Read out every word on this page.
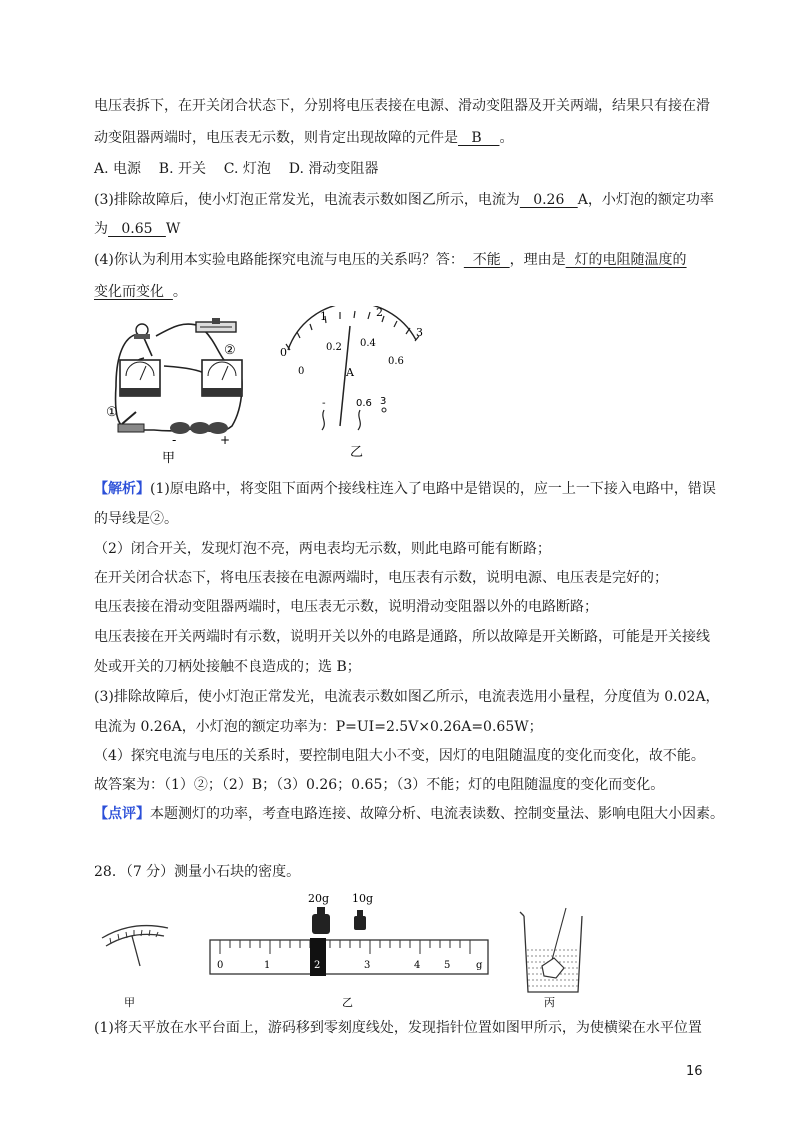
电压表拆下，在开关闭合状态下，分别将电压表接在电源、滑动变阻器及开关两端，结果只有接在滑
动变阻器两端时，电压表无示数，则肯定出现故障的元件是   B    。
A. 电源    B. 开关    C. 灯泡    D. 滑动变阻器
(3)排除故障后，使小灯泡正常发光，电流表示数如图乙所示，电流为   0.26   A，小灯泡的额定功率
为   0.65   W
(4)你认为利用本实验电路能探究电流与电压的关系吗？答：  不能  ，理由是  灯的电阻随温度的
变化而变化  。
①
②
-	+
甲
0
1	2
3
0
0.2 0.4
0.6
A
-	0.6 3
乙
【解析】(1)原电路中，将变阻下面两个接线柱连入了电路中是错误的，应一上一下接入电路中，错误
的导线是②。
（2）闭合开关，发现灯泡不亮，两电表均无示数，则此电路可能有断路；
在开关闭合状态下，将电压表接在电源两端时，电压表有示数，说明电源、电压表是完好的；
电压表接在滑动变阻器两端时，电压表无示数，说明滑动变阻器以外的电路断路；
电压表接在开关两端时有示数，说明开关以外的电路是通路，所以故障是开关断路，可能是开关接线
处或开关的刀柄处接触不良造成的；选 B；
(3)排除故障后，使小灯泡正常发光，电流表示数如图乙所示，电流表选用小量程，分度值为 0.02A，
电流为 0.26A，小灯泡的额定功率为：P=UI=2.5V×0.26A=0.65W；
（4）探究电流与电压的关系时，要控制电阻大小不变，因灯的电阻随温度的变化而变化，故不能。
故答案为：（1）②；（2）B；（3）0.26；0.65；（3）不能；灯的电阻随温度的变化而变化。
【点评】本题测灯的功率，考查电路连接、故障分析、电流表读数、控制变量法、影响电阻大小因素。
28．（7 分）测量小石块的密度。
甲
0	1	2	3	4 5	g
20g 10g
乙	丙
(1)将天平放在水平台面上，游码移到零刻度线处，发现指针位置如图甲所示，为使横梁在水平位置
16
